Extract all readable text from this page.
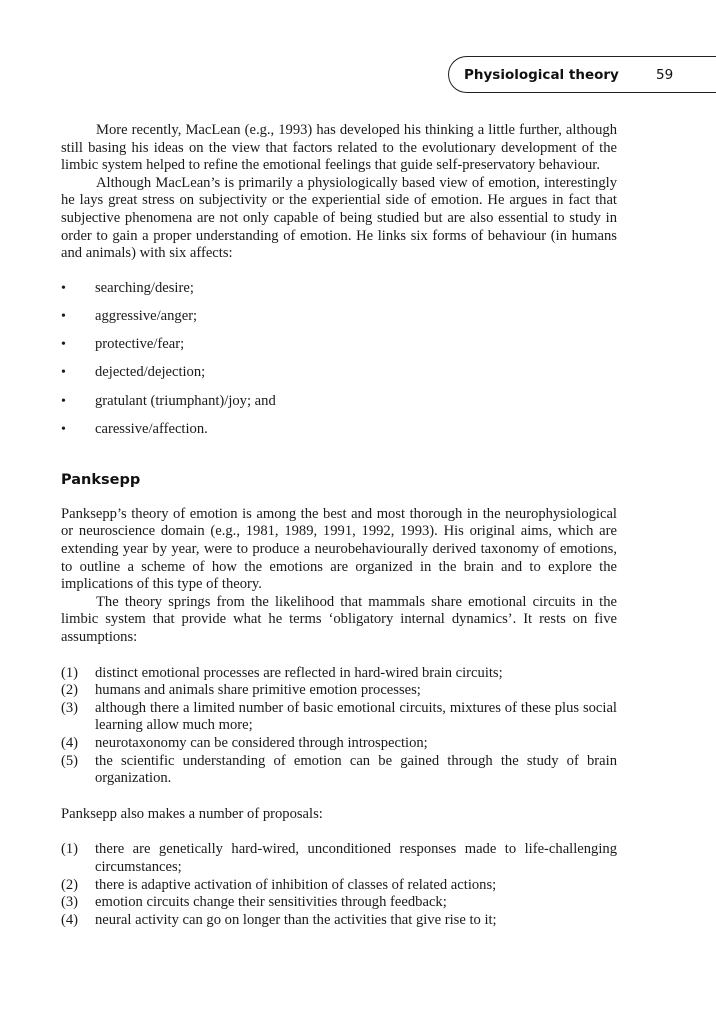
Physiological theory	59

More recently, MacLean (e.g., 1993) has developed his thinking a little further, although still basing his ideas on the view that factors related to the evolutionary development of the limbic system helped to refine the emotional feelings that guide self-preservatory behaviour.

Although MacLean’s is primarily a physiologically based view of emotion, interestingly he lays great stress on subjectivity or the experiential side of emotion. He argues in fact that subjective phenomena are not only capable of being studied but are also essential to study in order to gain a proper understanding of emotion. He links six forms of behaviour (in humans and animals) with six affects:

• searching/desire;
• aggressive/anger;
• protective/fear;
• dejected/dejection;
• gratulant (triumphant)/joy; and
• caressive/affection.
Panksepp

Panksepp’s theory of emotion is among the best and most thorough in the neurophysiological or neuroscience domain (e.g., 1981, 1989, 1991, 1992, 1993). His original aims, which are extending year by year, were to produce a neurobehaviourally derived taxonomy of emotions, to outline a scheme of how the emotions are organized in the brain and to explore the implications of this type of theory.

The theory springs from the likelihood that mammals share emotional circuits in the limbic system that provide what he terms ‘obligatory internal dynamics’. It rests on five assumptions:

(1) distinct emotional processes are reflected in hard-wired brain circuits;
(2) humans and animals share primitive emotion processes;
(3) although there a limited number of basic emotional circuits, mixtures of these plus social learning allow much more;
(4) neurotaxonomy can be considered through introspection;
(5) the scientific understanding of emotion can be gained through the study of brain organization.

Panksepp also makes a number of proposals:

(1) there are genetically hard-wired, unconditioned responses made to life-challenging circumstances;
(2) there is adaptive activation of inhibition of classes of related actions;
(3) emotion circuits change their sensitivities through feedback;
(4) neural activity can go on longer than the activities that give rise to it;
